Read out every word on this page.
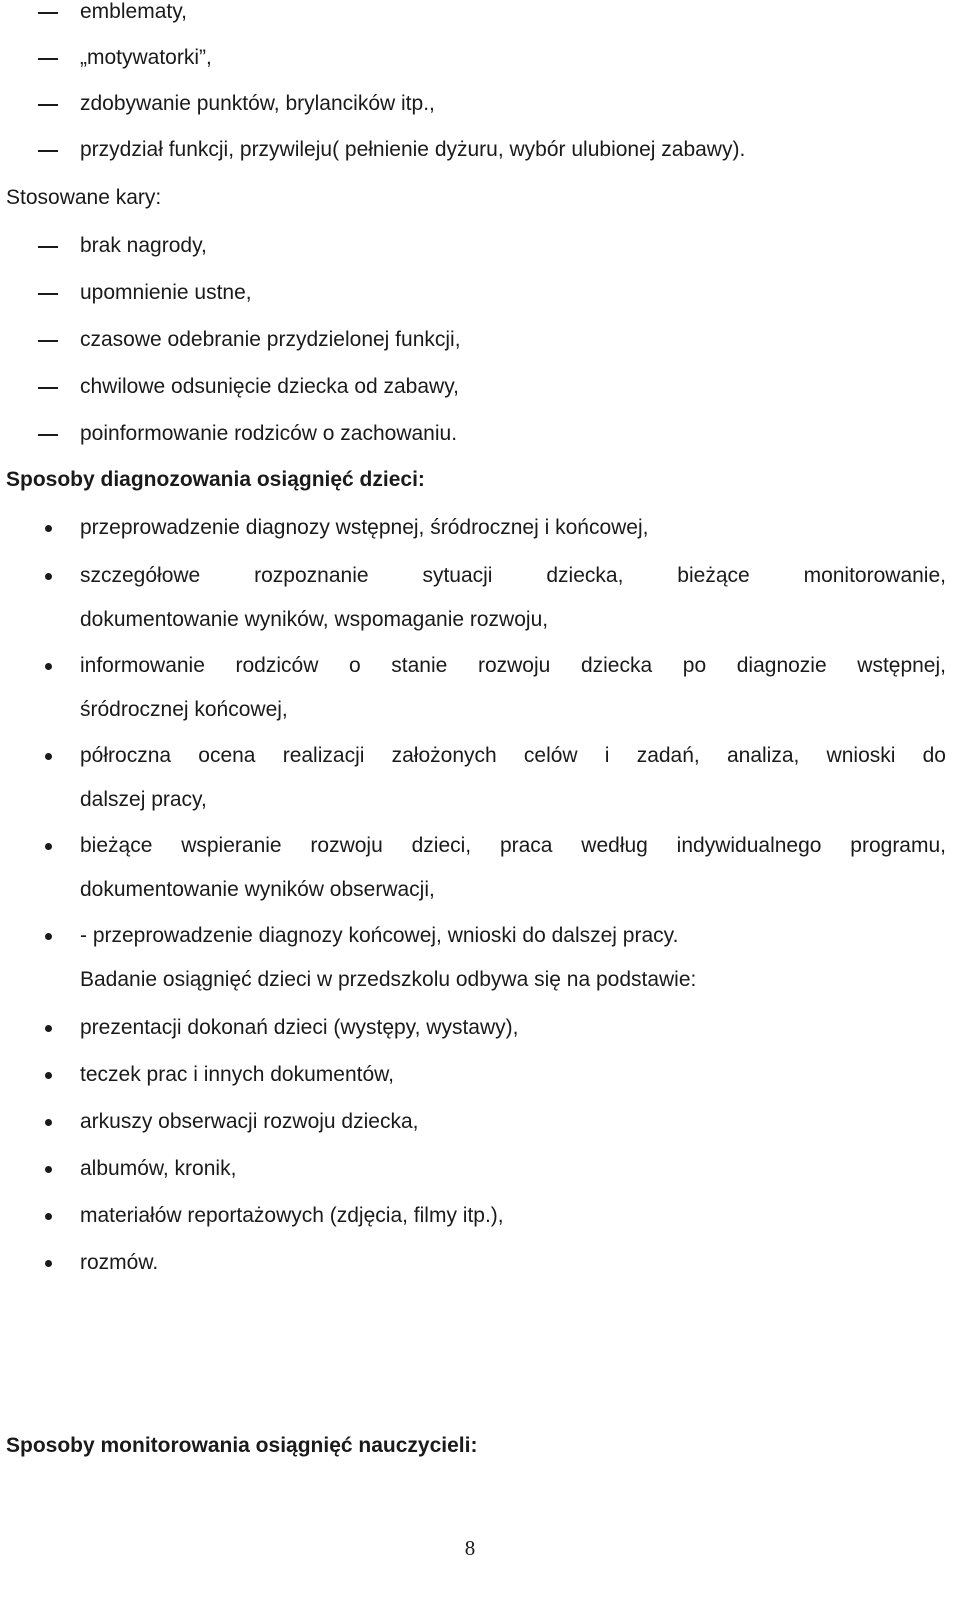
emblematy,
„motywatorki”,
zdobywanie punktów, brylancików itp.,
przydział funkcji, przywileju( pełnienie dyżuru, wybór ulubionej zabawy).

Stosowane kary:

brak nagrody,
upomnienie ustne,
czasowe odebranie przydzielonej funkcji,
chwilowe odsunięcie dziecka od zabawy,
poinformowanie rodziców o zachowaniu.

Sposoby diagnozowania osiągnięć dzieci:

przeprowadzenie diagnozy wstępnej, śródrocznej i końcowej,
szczegółowe rozpoznanie sytuacji dziecka, bieżące monitorowanie,
dokumentowanie wyników, wspomaganie rozwoju,
informowanie rodziców o stanie rozwoju dziecka po diagnozie wstępnej,
śródrocznej końcowej,
półroczna ocena realizacji założonych celów i zadań, analiza, wnioski do
dalszej pracy,
bieżące wspieranie rozwoju dzieci, praca według indywidualnego programu,
dokumentowanie wyników obserwacji,
- przeprowadzenie diagnozy końcowej, wnioski do dalszej pracy.

Badanie osiągnięć dzieci w przedszkolu odbywa się na podstawie:

prezentacji dokonań dzieci (występy, wystawy),
teczek prac i innych dokumentów,
arkuszy obserwacji rozwoju dziecka,
albumów, kronik,
materiałów reportażowych (zdjęcia, filmy itp.),
rozmów.

Sposoby monitorowania osiągnięć nauczycieli:

8
